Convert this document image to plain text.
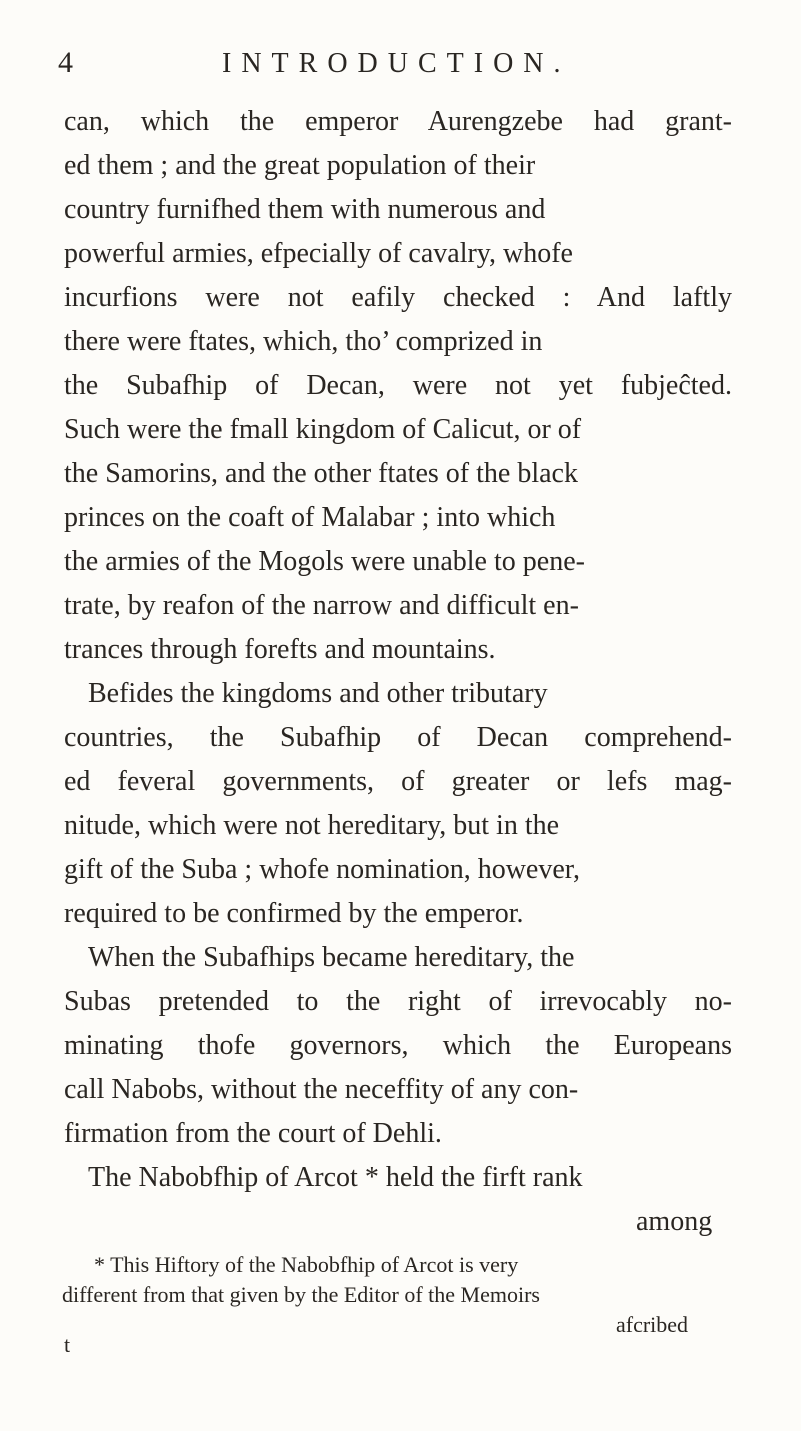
4	INTRODUCTION.
can, which the emperor Aurengzebe had grant-
ed them ; and the great population of their
country furnifhed them with numerous and
powerful armies, efpecially of cavalry, whofe
incurfions were not eafily checked : And laftly
there were ftates, which, tho’ comprized in
the Subafhip of Decan, were not yet fubjeĉted.
Such were the fmall kingdom of Calicut, or of
the Samorins, and the other ftates of the black
princes on the coaft of Malabar ; into which
the armies of the Mogols were unable to pene-
trate, by reafon of the narrow and difficult en-
trances through forefts and mountains.
Befides the kingdoms and other tributary
countries, the Subafhip of Decan comprehend-
ed feveral governments, of greater or lefs mag-
nitude, which were not hereditary, but in the
gift of the Suba ; whofe nomination, however,
required to be confirmed by the emperor.
When the Subafhips became hereditary, the
Subas pretended to the right of irrevocably no-
minating thofe governors, which the Europeans
call Nabobs, without the neceffity of any con-
firmation from the court of Dehli.
The Nabobfhip of Arcot * held the firft rank
among
* This Hiftory of the Nabobfhip of Arcot is very
different from that given by the Editor of the Memoirs
afcribed
t
